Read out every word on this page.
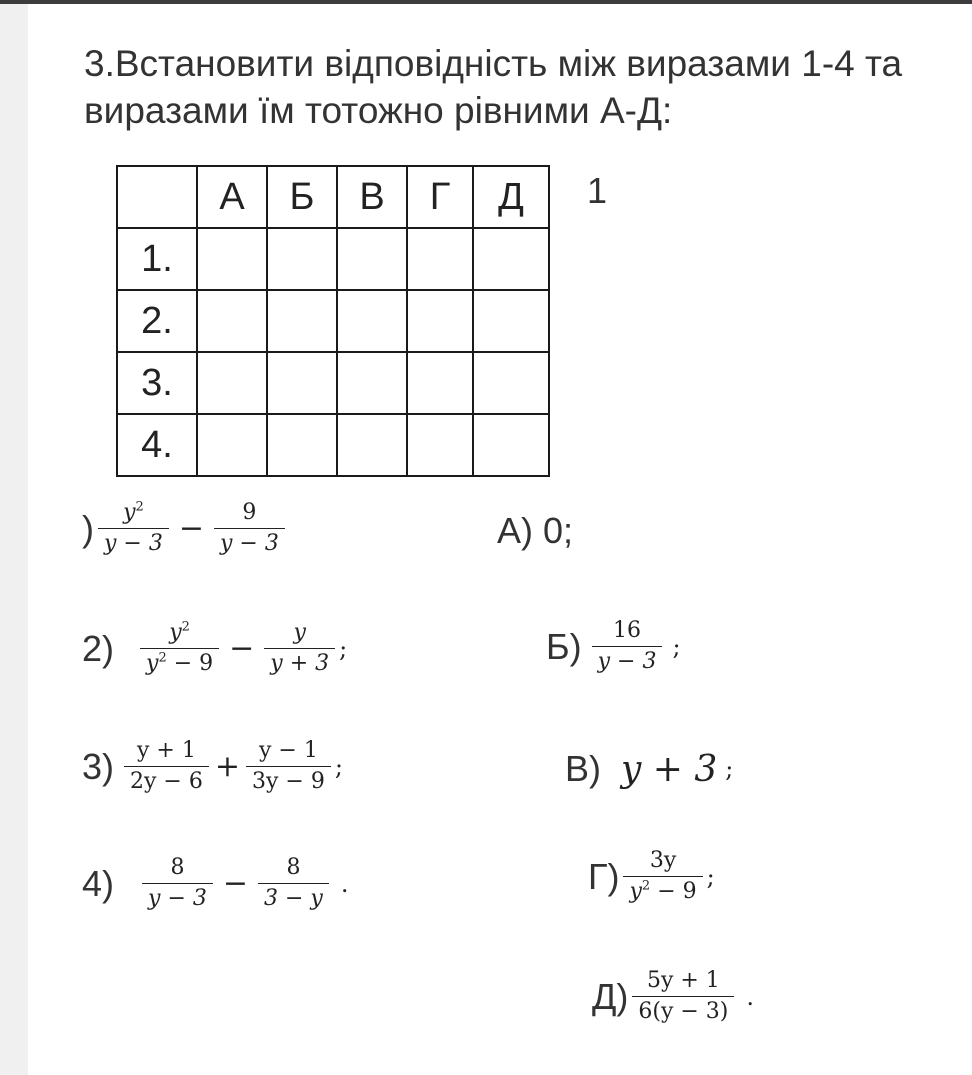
3.Встановити відповідність між виразами 1-4 та виразами їм тотожно рівними А-Д:
	А	Б	В	Г	Д
1.					
2.					
3.					
4.					
1
) $\frac{y^2}{y - 3} - \frac{9}{y - 3}$
$2) \frac{y^2}{y^2 - 9} - \frac{y}{y + 3}$ ;
$3) \frac{y + 1}{2y - 6} + \frac{y - 1}{3y - 9}$ ;
$4) \frac{8}{y - 3} - \frac{8}{3 - y}$ .
А) 0;
$Б) \frac{16}{y - 3}$ ;
В) y + 3 ;
$Г) \frac{3y}{y^2 - 9}$ ;
$Д) \frac{5y + 1}{6(y - 3)}$ .
